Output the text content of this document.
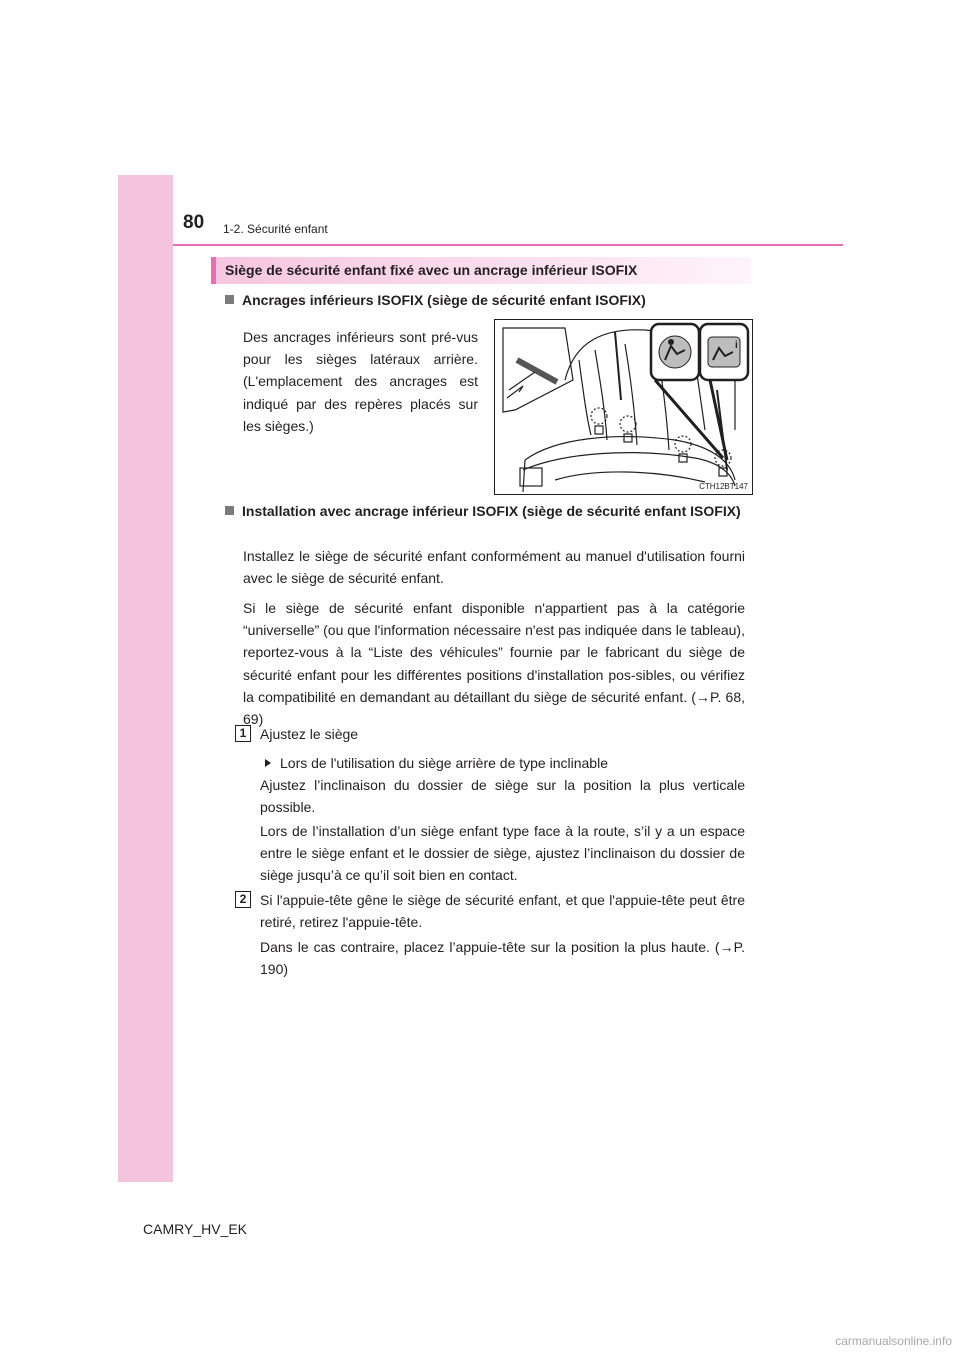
80 1-2. Sécurité enfant
Siège de sécurité enfant fixé avec un ancrage inférieur ISOFIX
Ancrages inférieurs ISOFIX (siège de sécurité enfant ISOFIX)

Des ancrages inférieurs sont pré-vus pour les sièges latéraux arrière. (L'emplacement des ancrages est indiqué par des repères placés sur les sièges.)

i
CTH12BT147
Installation avec ancrage inférieur ISOFIX (siège de sécurité enfant ISOFIX)

Installez le siège de sécurité enfant conformément au manuel d'utilisation fourni avec le siège de sécurité enfant.

Si le siège de sécurité enfant disponible n'appartient pas à la catégorie “universelle” (ou que l'information nécessaire n'est pas indiquée dans le tableau), reportez-vous à la “Liste des véhicules” fournie par le fabricant du siège de sécurité enfant pour les différentes positions d'installation pos-sibles, ou vérifiez la compatibilité en demandant au détaillant du siège de sécurité enfant. (→P. 68, 69)

1 Ajustez le siège

Lors de l'utilisation du siège arrière de type inclinable

Ajustez l’inclinaison du dossier de siège sur la position la plus verticale possible.

Lors de l’installation d’un siège enfant type face à la route, s’il y a un espace entre le siège enfant et le dossier de siège, ajustez l’inclinaison du dossier de siège jusqu’à ce qu’il soit bien en contact.

2 Si l'appuie-tête gêne le siège de sécurité enfant, et que l'appuie-tête peut être retiré, retirez l'appuie-tête.

Dans le cas contraire, placez l’appuie-tête sur la position la plus haute. (→P. 190)

CAMRY_HV_EK
carmanualsonline.info
